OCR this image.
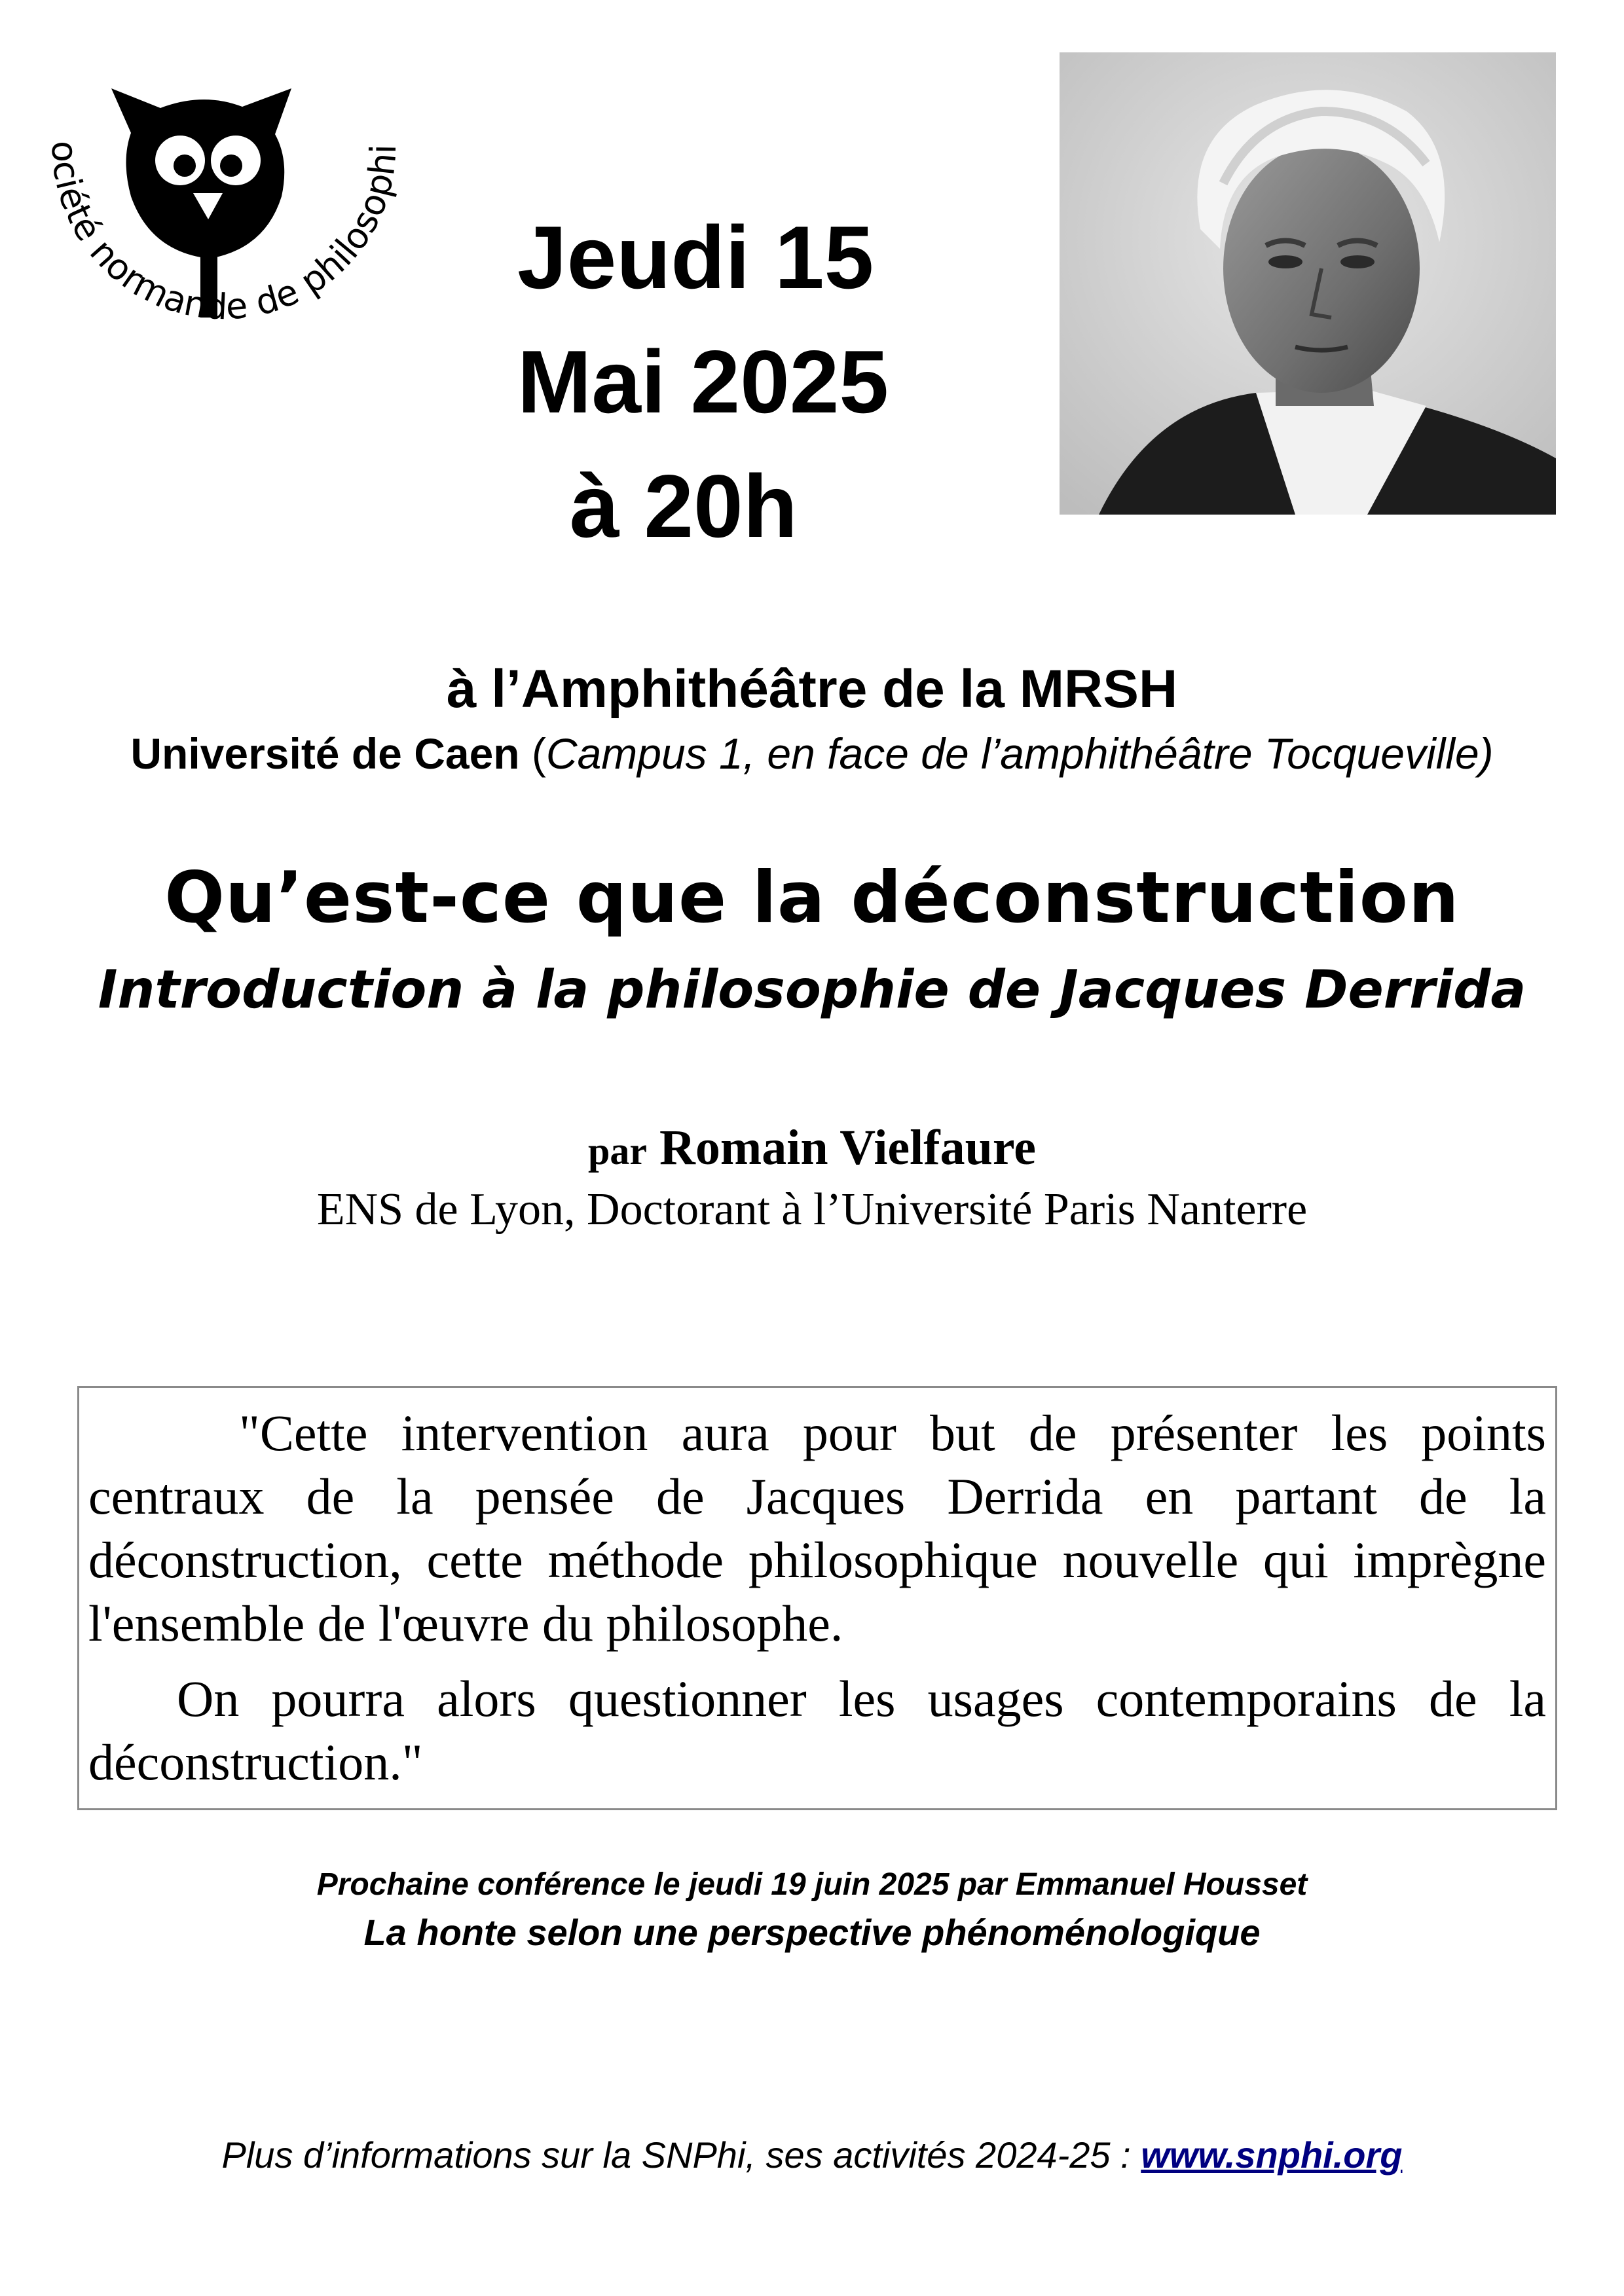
ociété normande de philosophi
Jeudi 15
Mai 2025
à 20h
à l’Amphithéâtre de la MRSH
Université de Caen (Campus 1, en face de l’amphithéâtre Tocqueville)
Qu’est-ce que la déconstruction
Introduction à la philosophie de Jacques Derrida
par Romain Vielfaure
ENS de Lyon, Doctorant à l’Université Paris Nanterre

"Cette intervention aura pour but de présenter les points centraux de la pensée de Jacques Derrida en partant de la déconstruction, cette méthode philosophique nouvelle qui imprègne l'ensemble de l'œuvre du philosophe.

On pourra alors questionner les usages contemporains de la déconstruction."

Prochaine conférence le jeudi 19 juin 2025 par Emmanuel Housset
La honte selon une perspective phénoménologique
Plus d’informations sur la SNPhi, ses activités 2024-25 : www.snphi.org
